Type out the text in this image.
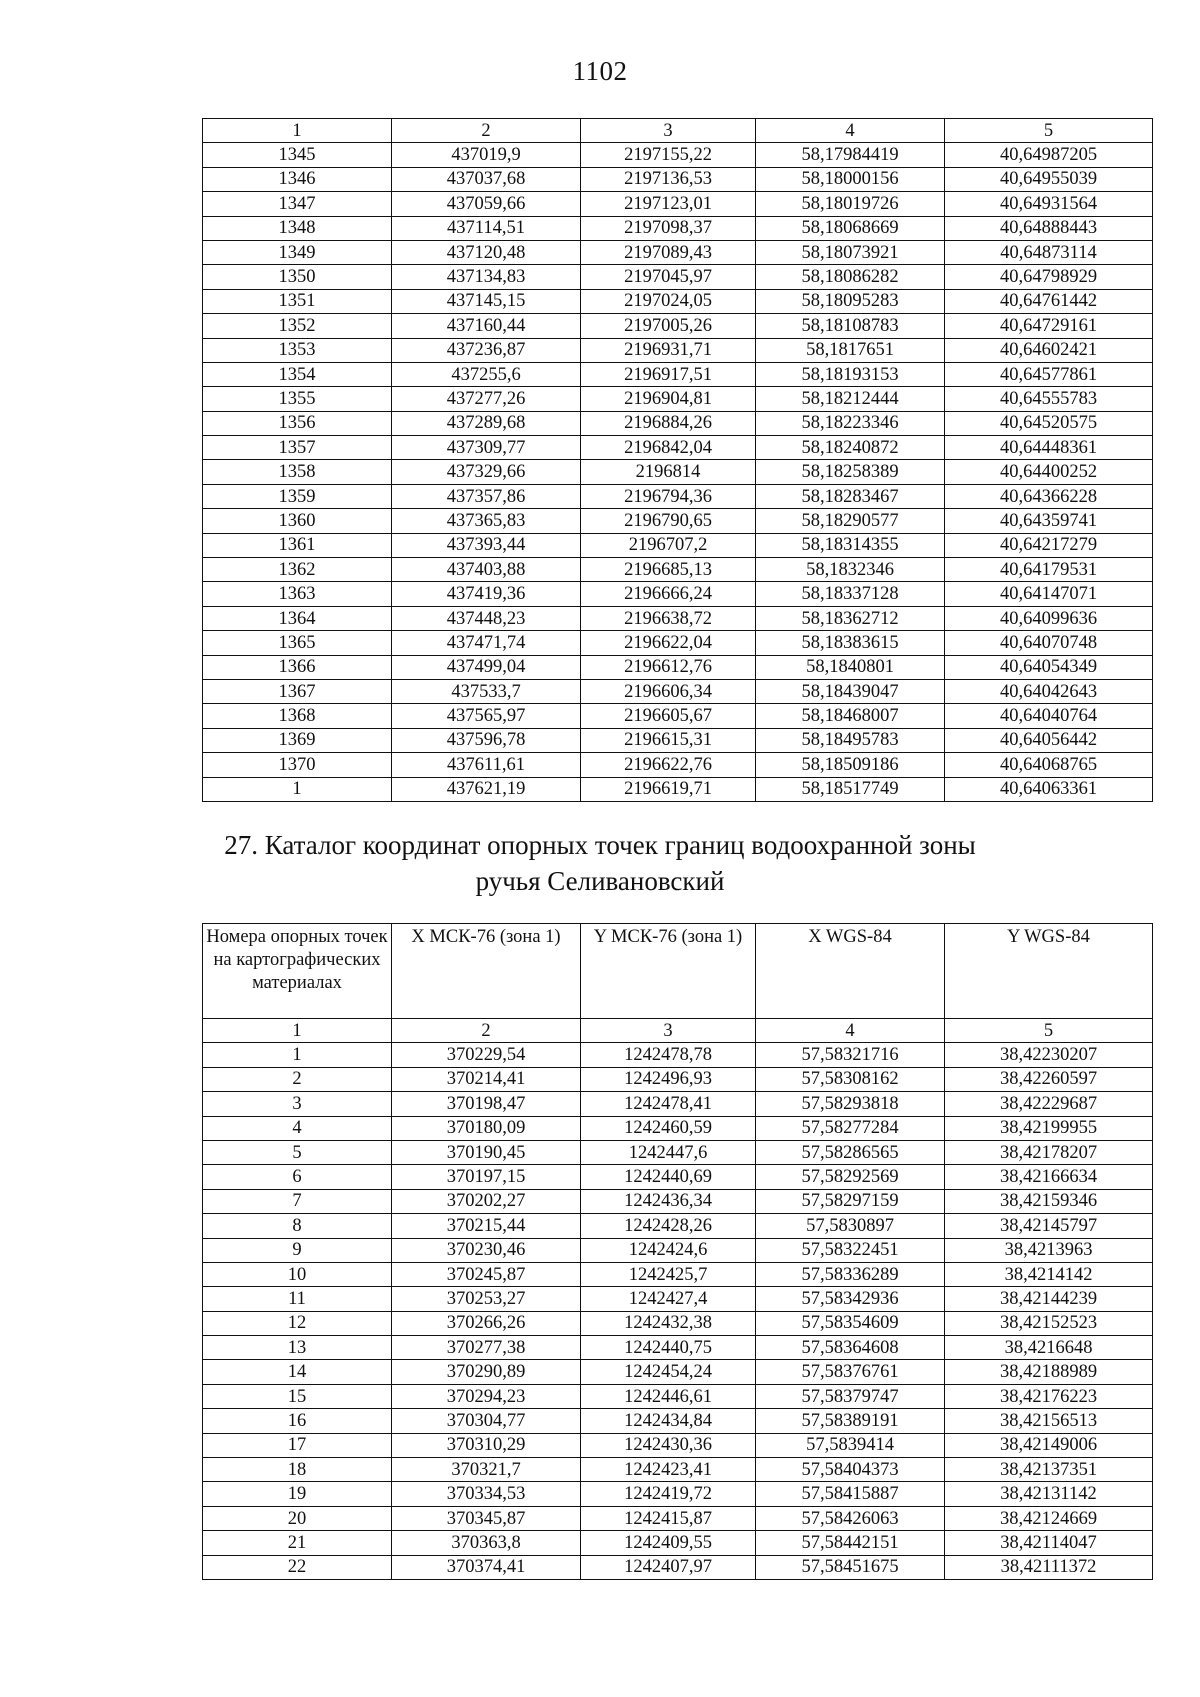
1102
1	2	3	4	5
1345	437019,9	2197155,22	58,17984419	40,64987205
1346	437037,68	2197136,53	58,18000156	40,64955039
1347	437059,66	2197123,01	58,18019726	40,64931564
1348	437114,51	2197098,37	58,18068669	40,64888443
1349	437120,48	2197089,43	58,18073921	40,64873114
1350	437134,83	2197045,97	58,18086282	40,64798929
1351	437145,15	2197024,05	58,18095283	40,64761442
1352	437160,44	2197005,26	58,18108783	40,64729161
1353	437236,87	2196931,71	58,1817651	40,64602421
1354	437255,6	2196917,51	58,18193153	40,64577861
1355	437277,26	2196904,81	58,18212444	40,64555783
1356	437289,68	2196884,26	58,18223346	40,64520575
1357	437309,77	2196842,04	58,18240872	40,64448361
1358	437329,66	2196814	58,18258389	40,64400252
1359	437357,86	2196794,36	58,18283467	40,64366228
1360	437365,83	2196790,65	58,18290577	40,64359741
1361	437393,44	2196707,2	58,18314355	40,64217279
1362	437403,88	2196685,13	58,1832346	40,64179531
1363	437419,36	2196666,24	58,18337128	40,64147071
1364	437448,23	2196638,72	58,18362712	40,64099636
1365	437471,74	2196622,04	58,18383615	40,64070748
1366	437499,04	2196612,76	58,1840801	40,64054349
1367	437533,7	2196606,34	58,18439047	40,64042643
1368	437565,97	2196605,67	58,18468007	40,64040764
1369	437596,78	2196615,31	58,18495783	40,64056442
1370	437611,61	2196622,76	58,18509186	40,64068765
1	437621,19	2196619,71	58,18517749	40,64063361
27. Каталог координат опорных точек границ водоохранной зоны
ручья Селивановский
Номера опорных точек на картографических материалах	X МСК-76 (зона 1)	Y МСК-76 (зона 1)	X WGS-84	Y WGS-84
1	2	3	4	5
1	370229,54	1242478,78	57,58321716	38,42230207
2	370214,41	1242496,93	57,58308162	38,42260597
3	370198,47	1242478,41	57,58293818	38,42229687
4	370180,09	1242460,59	57,58277284	38,42199955
5	370190,45	1242447,6	57,58286565	38,42178207
6	370197,15	1242440,69	57,58292569	38,42166634
7	370202,27	1242436,34	57,58297159	38,42159346
8	370215,44	1242428,26	57,5830897	38,42145797
9	370230,46	1242424,6	57,58322451	38,4213963
10	370245,87	1242425,7	57,58336289	38,4214142
11	370253,27	1242427,4	57,58342936	38,42144239
12	370266,26	1242432,38	57,58354609	38,42152523
13	370277,38	1242440,75	57,58364608	38,4216648
14	370290,89	1242454,24	57,58376761	38,42188989
15	370294,23	1242446,61	57,58379747	38,42176223
16	370304,77	1242434,84	57,58389191	38,42156513
17	370310,29	1242430,36	57,5839414	38,42149006
18	370321,7	1242423,41	57,58404373	38,42137351
19	370334,53	1242419,72	57,58415887	38,42131142
20	370345,87	1242415,87	57,58426063	38,42124669
21	370363,8	1242409,55	57,58442151	38,42114047
22	370374,41	1242407,97	57,58451675	38,42111372
